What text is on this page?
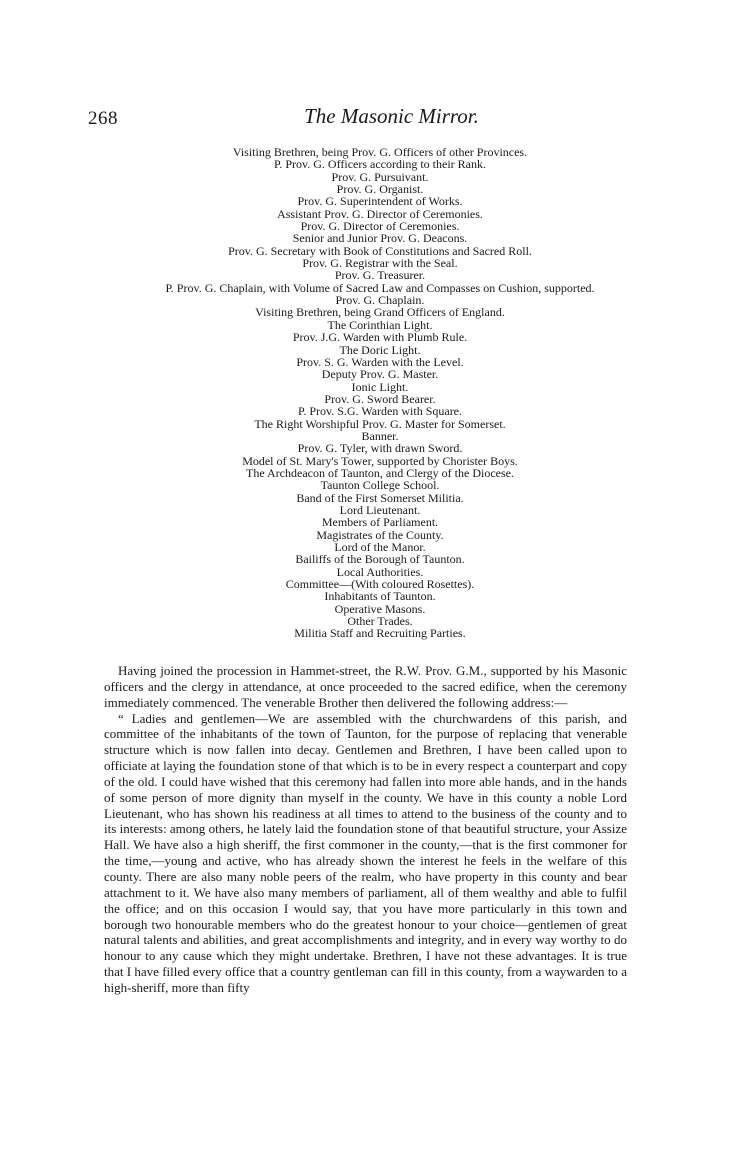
268	The Masonic Mirror.
Visiting Brethren, being Prov. G. Officers of other Provinces.
P. Prov. G. Officers according to their Rank.
Prov. G. Pursuivant.
Prov. G. Organist.
Prov. G. Superintendent of Works.
Assistant Prov. G. Director of Ceremonies.
Prov. G. Director of Ceremonies.
Senior and Junior Prov. G. Deacons.
Prov. G. Secretary with Book of Constitutions and Sacred Roll.
Prov. G. Registrar with the Seal.
Prov. G. Treasurer.
P. Prov. G. Chaplain, with Volume of Sacred Law and Compasses on Cushion, supported.
Prov. G. Chaplain.
Visiting Brethren, being Grand Officers of England.
The Corinthian Light.
Prov. J.G. Warden with Plumb Rule.
The Doric Light.
Prov. S. G. Warden with the Level.
Deputy Prov. G. Master.
Ionic Light.
Prov. G. Sword Bearer.
P. Prov. S.G. Warden with Square.
The Right Worshipful Prov. G. Master for Somerset.
Banner.
Prov. G. Tyler, with drawn Sword.
Model of St. Mary's Tower, supported by Chorister Boys.
The Archdeacon of Taunton, and Clergy of the Diocese.
Taunton College School.
Band of the First Somerset Militia.
Lord Lieutenant.
Members of Parliament.
Magistrates of the County.
Lord of the Manor.
Bailiffs of the Borough of Taunton.
Local Authorities.
Committee—(With coloured Rosettes).
Inhabitants of Taunton.
Operative Masons.
Other Trades.
Militia Staff and Recruiting Parties.

Having joined the procession in Hammet-street, the R.W. Prov. G.M., supported by his Masonic officers and the clergy in attendance, at once proceeded to the sacred edifice, when the ceremony immediately commenced. The venerable Brother then delivered the following address:—

“ Ladies and gentlemen—We are assembled with the churchwardens of this parish, and committee of the inhabitants of the town of Taunton, for the purpose of replacing that venerable structure which is now fallen into decay. Gentlemen and Brethren, I have been called upon to officiate at laying the foundation stone of that which is to be in every respect a counterpart and copy of the old. I could have wished that this ceremony had fallen into more able hands, and in the hands of some person of more dignity than myself in the county. We have in this county a noble Lord Lieutenant, who has shown his readiness at all times to attend to the business of the county and to its interests: among others, he lately laid the foundation stone of that beautiful structure, your Assize Hall. We have also a high sheriff, the first commoner in the county,—that is the first commoner for the time,—young and active, who has already shown the interest he feels in the welfare of this county. There are also many noble peers of the realm, who have property in this county and bear attachment to it. We have also many members of parliament, all of them wealthy and able to fulfil the office; and on this occasion I would say, that you have more particularly in this town and borough two honourable members who do the greatest honour to your choice—gentlemen of great natural talents and abilities, and great accomplishments and integrity, and in every way worthy to do honour to any cause which they might undertake. Brethren, I have not these advantages. It is true that I have filled every office that a country gentleman can fill in this county, from a waywarden to a high-sheriff, more than fifty
